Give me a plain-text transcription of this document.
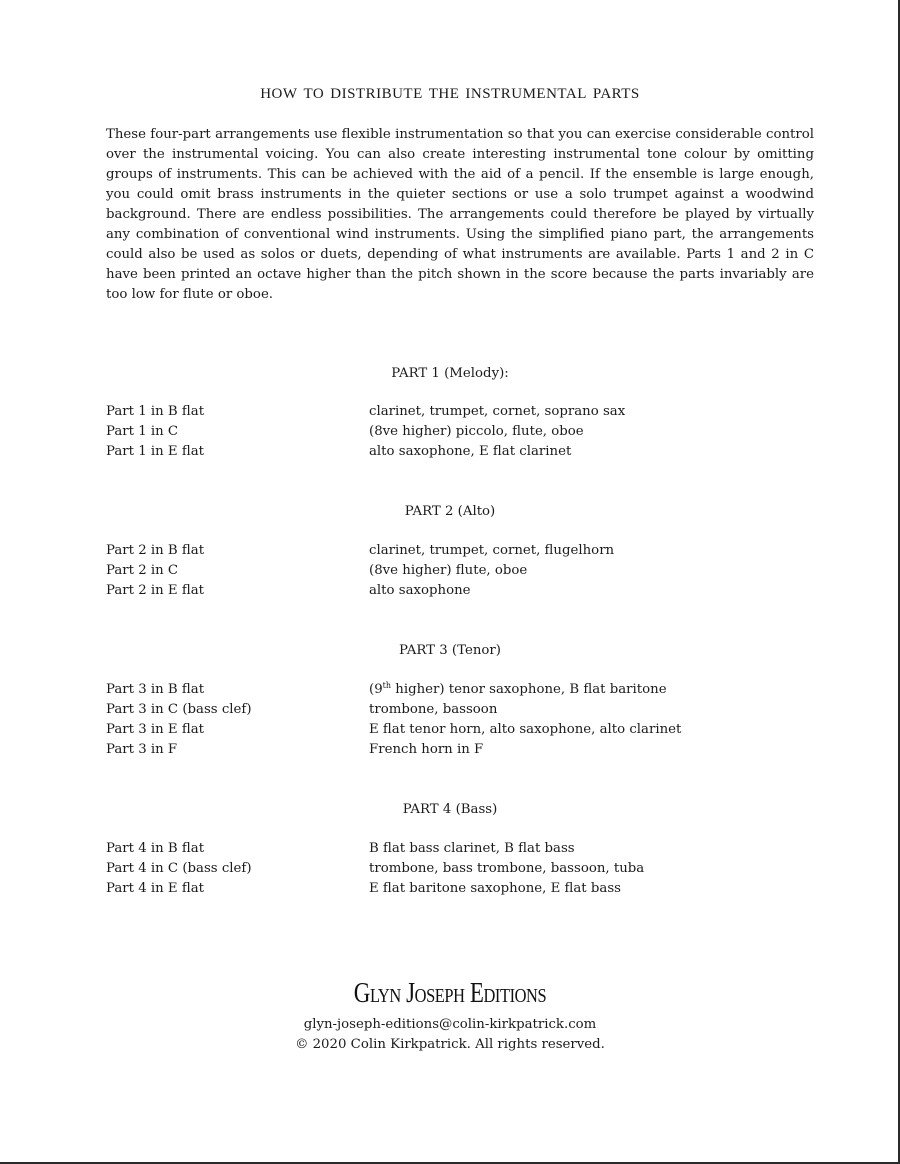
how to distribute the instrumental parts

These four-part arrangements use flexible instrumentation so that you can exercise considerable control over the instrumental voicing. You can also create interesting instrumental tone colour by omitting groups of instruments. This can be achieved with the aid of a pencil. If the ensemble is large enough, you could omit brass instruments in the quieter sections or use a solo trumpet against a woodwind background. There are endless possibilities. The arrangements could therefore be played by virtually any combination of conventional wind instruments. Using the simplified piano part, the arrangements could also be used as solos or duets, depending of what instruments are available. Parts 1 and 2 in C have been printed an octave higher than the pitch shown in the score because the parts invariably are too low for flute or oboe.

PART 1 (Melody):
Part 1 in B flat	clarinet, trumpet, cornet, soprano sax
Part 1 in C	(8ve higher) piccolo, flute, oboe
Part 1 in E flat	alto saxophone, E flat clarinet
PART 2 (Alto)
Part 2 in B flat	clarinet, trumpet, cornet, flugelhorn
Part 2 in C	(8ve higher) flute, oboe
Part 2 in E flat	alto saxophone
PART 3 (Tenor)
Part 3 in B flat	(9th higher) tenor saxophone, B flat baritone
Part 3 in C (bass clef)	trombone, bassoon
Part 3 in E flat	E flat tenor horn, alto saxophone, alto clarinet
Part 3 in F	French horn in F
PART 4 (Bass)
Part 4 in B flat	B flat bass clarinet, B flat bass
Part 4 in C (bass clef)	trombone, bass trombone, bassoon, tuba
Part 4 in E flat	E flat baritone saxophone, E flat bass
Glyn Joseph Editions
glyn-joseph-editions@colin-kirkpatrick.com
© 2020 Colin Kirkpatrick. All rights reserved.
